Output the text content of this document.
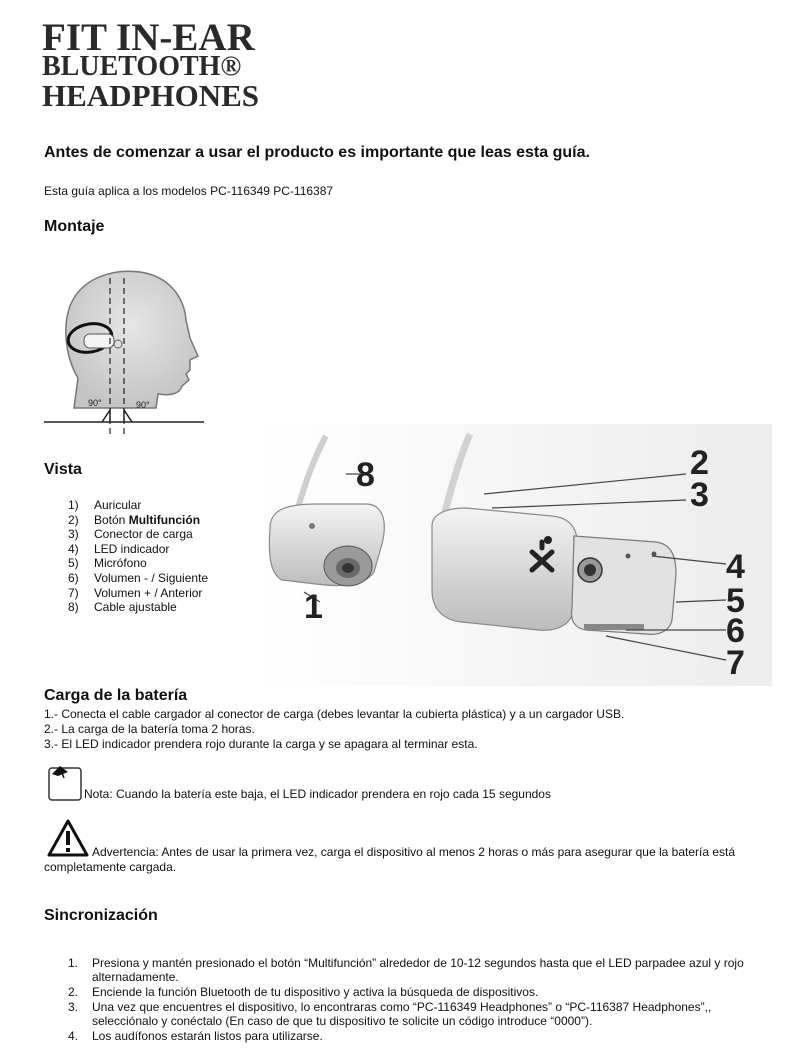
FIT IN-EAR
BLUETOOTH®
HEADPHONES
Antes de comenzar a usar el producto es importante que leas esta guía.
Esta guía aplica a los modelos PC-116349 PC-116387
Montaje
90°	90°
Vista
1)	Auricular
2)	Botón Multifunción
3)	Conector de carga
4)	LED indicador
5)	Micrófono
6)	Volumen - / Siguiente
7)	Volumen + / Anterior
8)	Cable ajustable
8
1
2
3
4
5
6
7
Carga de la batería
1.- Conecta el cable cargador al conector de carga (debes levantar la cubierta plástica) y a un cargador USB.
2.- La carga de la batería toma 2 horas.
3.- El LED indicador prendera rojo durante la carga y se apagara al terminar esta.
Nota: Cuando la batería este baja, el LED indicador prendera en rojo cada 15 segundos
Advertencia: Antes de usar la primera vez, carga el dispositivo al menos 2 horas o más para asegurar que la batería está completamente cargada.
Sincronización
1.	Presiona y mantén presionado el botón “Multifunción” alrededor de 10-12 segundos hasta que el LED parpadee azul y rojo alternadamente.
2.	Enciende la función Bluetooth de tu dispositivo y activa la búsqueda de dispositivos.
3.	Una vez que encuentres el dispositivo, lo encontraras como “PC-116349 Headphones” o “PC-116387 Headphones”,, selecciónalo y conéctalo (En caso de que tu dispositivo te solicite un código introduce “0000”).
4.	Los audífonos estarán listos para utilizarse.
